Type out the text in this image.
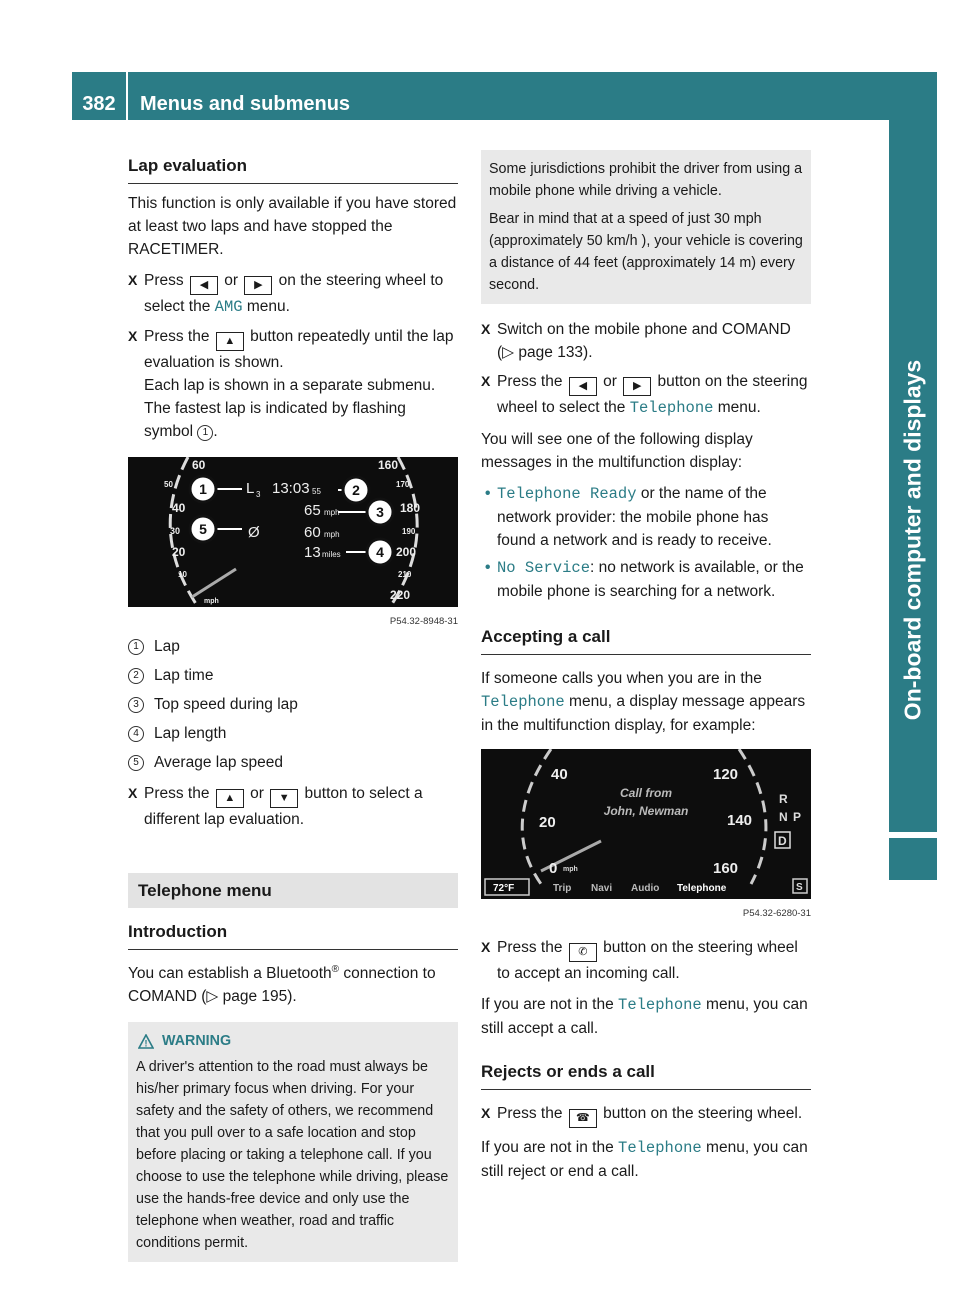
382	Menus and submenus
On-board computer and displays
Lap evaluation

This function is only available if you have stored at least two laps and have stopped the RACETIMER.

X Press ◀ or ▶ on the steering wheel to select the AMG menu.
X Press the ▲ button repeatedly until the lap evaluation is shown.
Each lap is shown in a separate submenu.
The fastest lap is indicated by flashing symbol 1 .
60
50
40
30
20
10
160
170
180
190
200
210
220
mph
L 3 13:03 55
65 mph
Ø	60 mph
13 miles
1	2
3
4
5
P54.32-8948-31
1 Lap
2 Lap time
3 Top speed during lap
4 Lap length
5 Average lap speed
X Press the ▲ or ▼ button to select a different lap evaluation.
Telephone menu
Introduction

You can establish a Bluetooth® connection to COMAND (▷ page 195).

! WARNING
A driver's attention to the road must always be his/her primary focus when driving. For your safety and the safety of others, we recommend that you pull over to a safe location and stop before placing or taking a telephone call. If you choose to use the telephone while driving, please use the hands-free device and only use the telephone when weather, road and traffic conditions permit.

Some jurisdictions prohibit the driver from using a mobile phone while driving a vehicle.

Bear in mind that at a speed of just 30 mph (approximately 50 km/h ), your vehicle is covering a distance of 44 feet (approximately 14 m) every second.

X Switch on the mobile phone and COMAND (▷ page 133).
X Press the ◀ or ▶ button on the steering wheel to select the Telephone menu.

You will see one of the following display messages in the multifunction display:

• Telephone Ready or the name of the network provider: the mobile phone has found a network and is ready to receive.
• No Service: no network is available, or the mobile phone is searching for a network.
Accepting a call

If someone calls you when you are in the Telephone menu, a display message appears in the multifunction display, for example:

40
20
0
120
140
160
mph
Call from
John, Newman
R
N P
D
72°F	Trip Navi Audio Telephone	S
P54.32-6280-31
X Press the ✆ button on the steering wheel to accept an incoming call.

If you are not in the Telephone menu, you can still accept a call.

Rejects or ends a call
X Press the ☎ button on the steering wheel.

If you are not in the Telephone menu, you can still reject or end a call.
